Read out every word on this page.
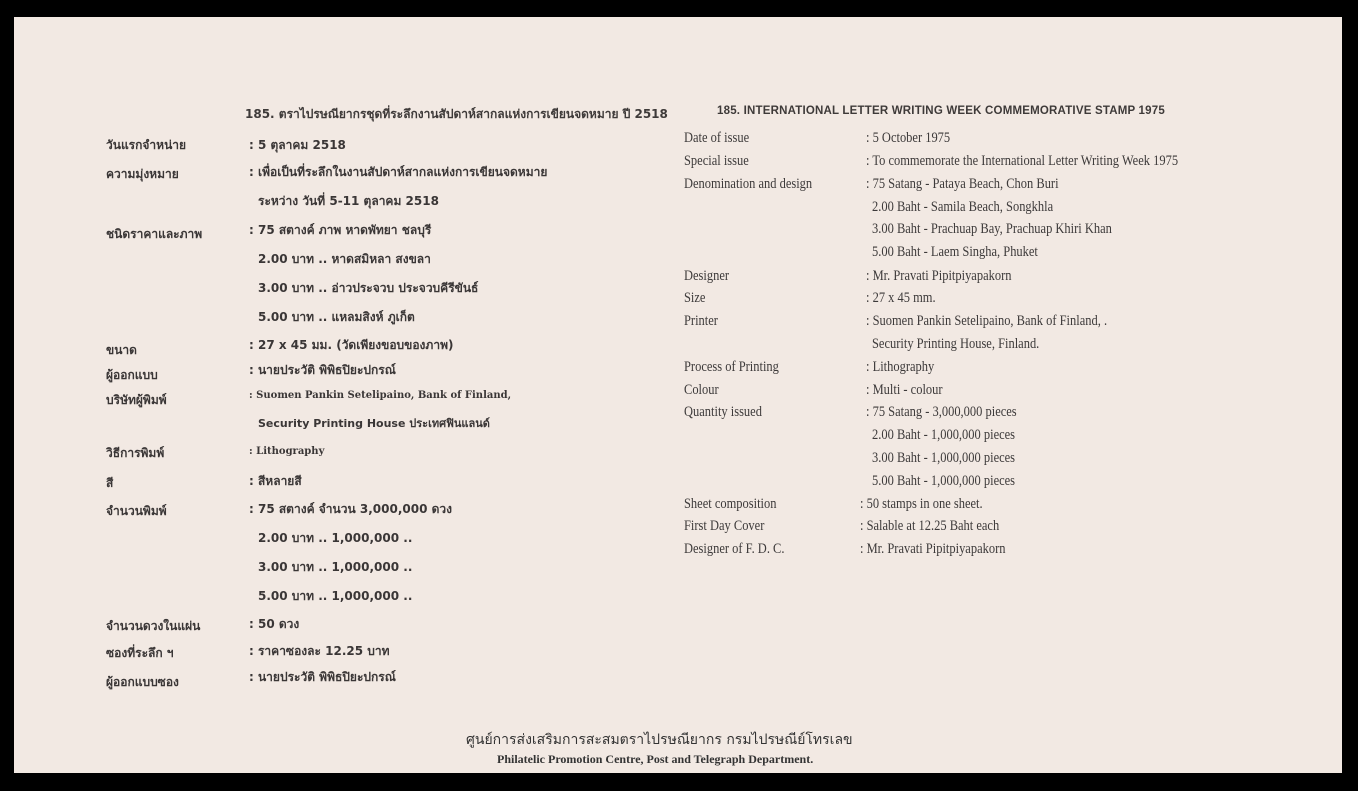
185. ตราไปรษณียากรชุดที่ระลึกงานสัปดาห์สากลแห่งการเขียนจดหมาย ปี 2518	185. INTERNATIONAL LETTER WRITING WEEK COMMEMORATIVE STAMP 1975
วันแรกจำหน่าย	: 5 ตุลาคม 2518
ความมุ่งหมาย	: เพื่อเป็นที่ระลึกในงานสัปดาห์สากลแห่งการเขียนจดหมาย
ระหว่าง วันที่ 5-11 ตุลาคม 2518
ชนิดราคาและภาพ	: 75 สตางค์ ภาพ หาดพัทยา ชลบุรี
2.00 บาท .. หาดสมิหลา สงขลา
3.00 บาท .. อ่าวประจวบ ประจวบคีรีขันธ์
5.00 บาท .. แหลมสิงห์ ภูเก็ต
ขนาด	: 27 x 45 มม. (วัดเพียงขอบของภาพ)
ผู้ออกแบบ	: นายประวัติ พิพิธปิยะปกรณ์
บริษัทผู้พิมพ์	: Suomen Pankin Setelipaino, Bank of Finland,
Security Printing House ประเทศฟินแลนด์
วิธีการพิมพ์	: Lithography
สี	: สีหลายสี
จำนวนพิมพ์	: 75 สตางค์ จำนวน 3,000,000 ดวง
2.00 บาท .. 1,000,000 ..
3.00 บาท .. 1,000,000 ..
5.00 บาท .. 1,000,000 ..
จำนวนดวงในแผ่น	: 50 ดวง
ซองที่ระลึก ฯ	: ราคาซองละ 12.25 บาท
ผู้ออกแบบซอง	: นายประวัติ พิพิธปิยะปกรณ์
Date of issue	: 5 October 1975
Special issue	: To commemorate the International Letter Writing Week 1975
Denomination and design	: 75 Satang - Pataya Beach, Chon Buri
2.00 Baht - Samila Beach, Songkhla
3.00 Baht - Prachuap Bay, Prachuap Khiri Khan
5.00 Baht - Laem Singha, Phuket
Designer	: Mr. Pravati Pipitpiyapakorn
Size	: 27 x 45 mm.
Printer	: Suomen Pankin Setelipaino, Bank of Finland, .
Security Printing House, Finland.
Process of Printing	: Lithography
Colour	: Multi - colour
Quantity issued	: 75 Satang - 3,000,000 pieces
2.00 Baht - 1,000,000 pieces
3.00 Baht - 1,000,000 pieces
5.00 Baht - 1,000,000 pieces
Sheet composition	: 50 stamps in one sheet.
First Day Cover	: Salable at 12.25 Baht each
Designer of F. D. C.	: Mr. Pravati Pipitpiyapakorn
ศูนย์การส่งเสริมการสะสมตราไปรษณียากร กรมไปรษณีย์โทรเลข
Philatelic Promotion Centre, Post and Telegraph Department.
